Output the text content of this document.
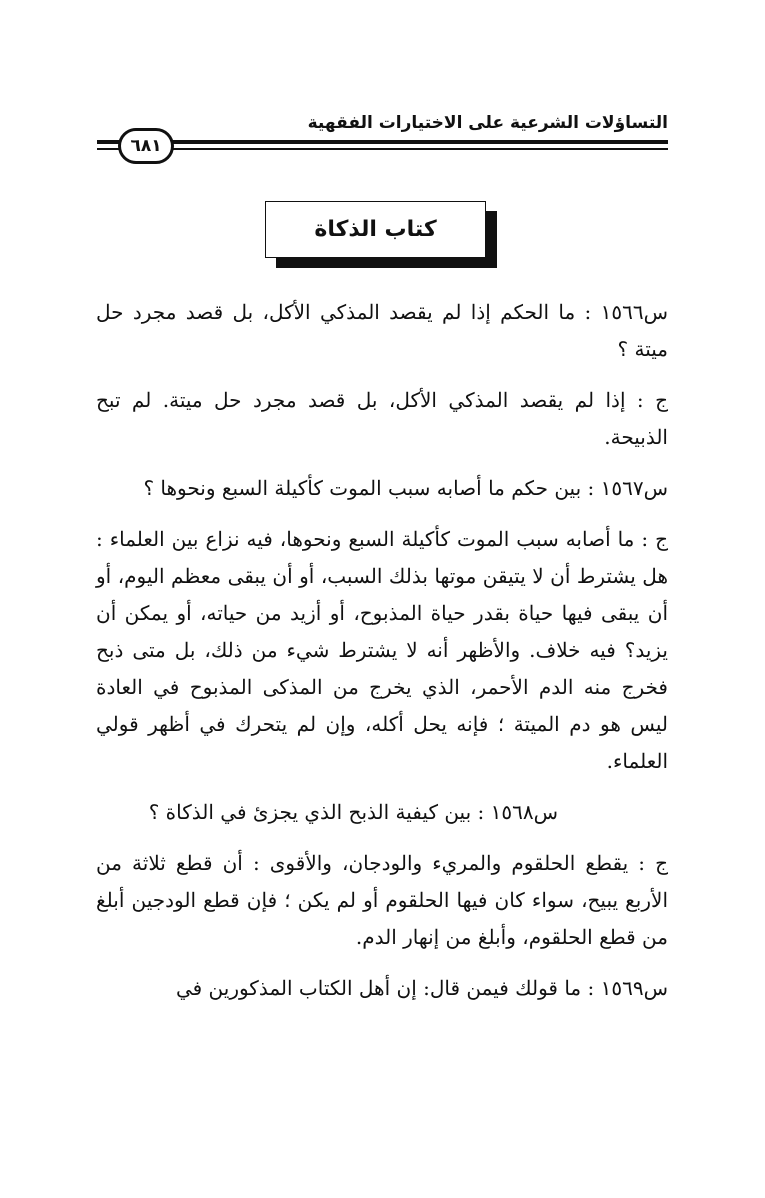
التساؤلات الشرعية على الاختيارات الفقهية
٦٨١
كتاب الذكاة

س١٥٦٦ : ما الحكم إذا لم يقصد المذكي الأكل، بل قصد مجرد حل ميتة ؟

ج : إذا لم يقصد المذكي الأكل، بل قصد مجرد حل ميتة. لم تبح الذبيحة.

س١٥٦٧ : بين حكم ما أصابه سبب الموت كأكيلة السبع ونحوها ؟

ج : ما أصابه سبب الموت كأكيلة السبع ونحوها، فيه نزاع بين العلماء : هل يشترط أن لا يتيقن موتها بذلك السبب، أو أن يبقى معظم اليوم، أو أن يبقى فيها حياة بقدر حياة المذبوح، أو أزيد من حياته، أو يمكن أن يزيد؟ فيه خلاف. والأظهر أنه لا يشترط شيء من ذلك، بل متى ذبح فخرج منه الدم الأحمر، الذي يخرج من المذكى المذبوح في العادة ليس هو دم الميتة ؛ فإنه يحل أكله، وإن لم يتحرك في أظهر قولي العلماء.

س١٥٦٨ : بين كيفية الذبح الذي يجزئ في الذكاة ؟

ج : يقطع الحلقوم والمريء والودجان، والأقوى : أن قطع ثلاثة من الأربع يبيح، سواء كان فيها الحلقوم أو لم يكن ؛ فإن قطع الودجين أبلغ من قطع الحلقوم، وأبلغ من إنهار الدم.

س١٥٦٩ : ما قولك فيمن قال: إن أهل الكتاب المذكورين في
